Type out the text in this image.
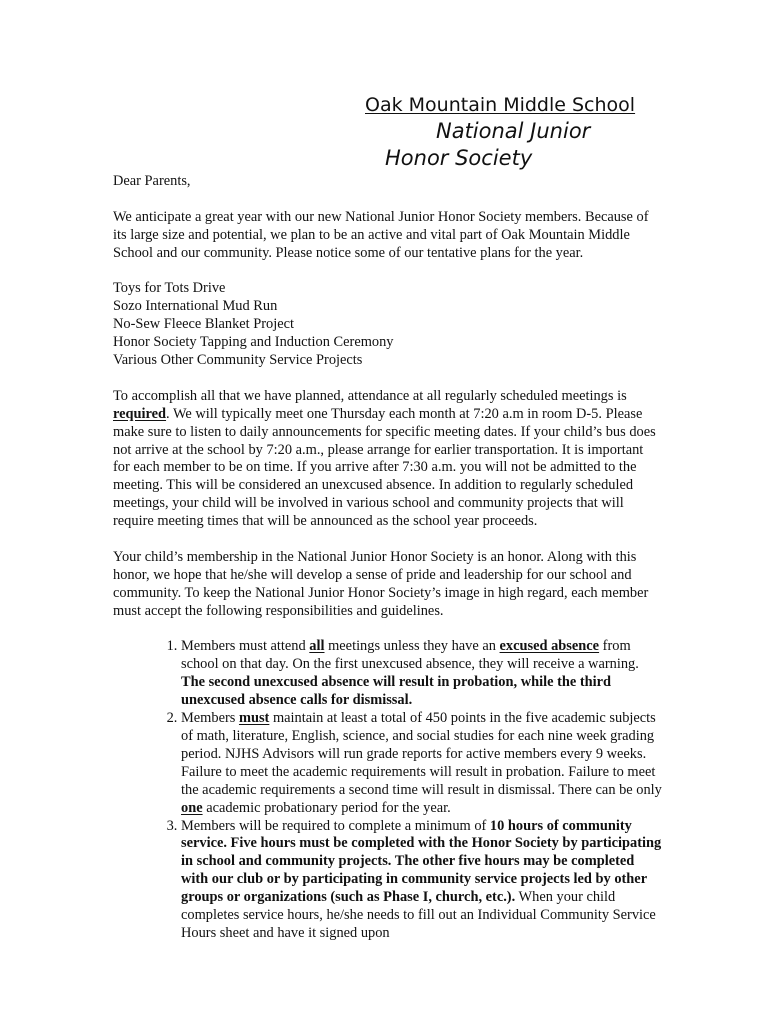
Oak Mountain Middle School
National Junior
Honor Society

Dear Parents,

We anticipate a great year with our new National Junior Honor Society members. Because of its large size and potential, we plan to be an active and vital part of Oak Mountain Middle School and our community. Please notice some of our tentative plans for the year.

Toys for Tots Drive
Sozo International Mud Run
No-Sew Fleece Blanket Project
Honor Society Tapping and Induction Ceremony
Various Other Community Service Projects

To accomplish all that we have planned, attendance at all regularly scheduled meetings is required. We will typically meet one Thursday each month at 7:20 a.m in room D-5. Please make sure to listen to daily announcements for specific meeting dates. If your child’s bus does not arrive at the school by 7:20 a.m., please arrange for earlier transportation. It is important for each member to be on time. If you arrive after 7:30 a.m. you will not be admitted to the meeting. This will be considered an unexcused absence. In addition to regularly scheduled meetings, your child will be involved in various school and community projects that will require meeting times that will be announced as the school year proceeds.

Your child’s membership in the National Junior Honor Society is an honor. Along with this honor, we hope that he/she will develop a sense of pride and leadership for our school and community. To keep the National Junior Honor Society’s image in high regard, each member must accept the following responsibilities and guidelines.

1. Members must attend all meetings unless they have an excused absence from school on that day. On the first unexcused absence, they will receive a warning. The second unexcused absence will result in probation, while the third unexcused absence calls for dismissal.
2. Members must maintain at least a total of 450 points in the five academic subjects of math, literature, English, science, and social studies for each nine week grading period. NJHS Advisors will run grade reports for active members every 9 weeks. Failure to meet the academic requirements will result in probation. Failure to meet the academic requirements a second time will result in dismissal. There can be only one academic probationary period for the year.
3. Members will be required to complete a minimum of 10 hours of community service. Five hours must be completed with the Honor Society by participating in school and community projects. The other five hours may be completed with our club or by participating in community service projects led by other groups or organizations (such as Phase I, church, etc.). When your child completes service hours, he/she needs to fill out an Individual Community Service Hours sheet and have it signed upon
